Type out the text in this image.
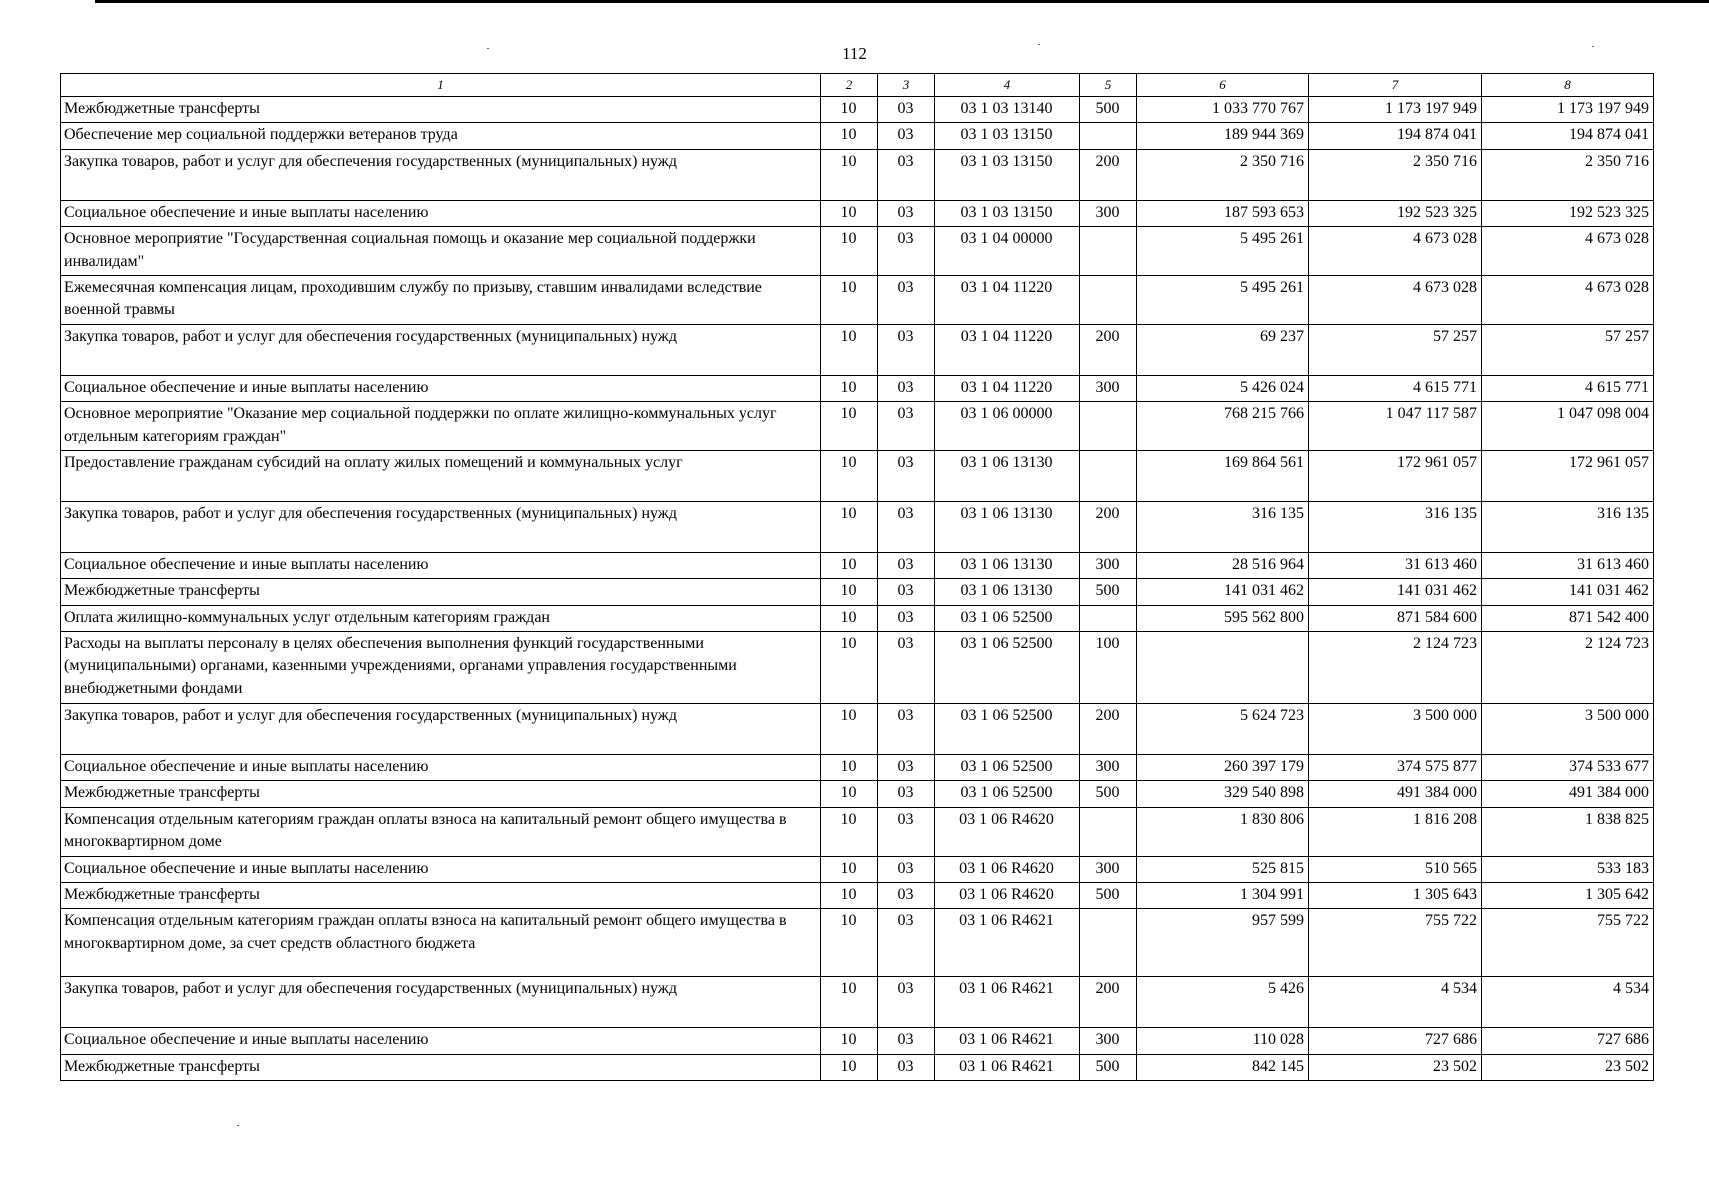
112
1	2	3	4	5	6	7	8
Межбюджетные трансферты	10	03	03 1 03 13140	500	1 033 770 767	1 173 197 949	1 173 197 949
Обеспечение мер социальной поддержки ветеранов труда	10	03	03 1 03 13150		189 944 369	194 874 041	194 874 041
Закупка товаров, работ и услуг для обеспечения государственных (муниципальных) нужд	10	03	03 1 03 13150	200	2 350 716	2 350 716	2 350 716
Социальное обеспечение и иные выплаты населению	10	03	03 1 03 13150	300	187 593 653	192 523 325	192 523 325
Основное мероприятие "Государственная социальная помощь и оказание мер социальной поддержки инвалидам"	10	03	03 1 04 00000		5 495 261	4 673 028	4 673 028
Ежемесячная компенсация лицам, проходившим службу по призыву, ставшим инвалидами вследствие военной травмы	10	03	03 1 04 11220		5 495 261	4 673 028	4 673 028
Закупка товаров, работ и услуг для обеспечения государственных (муниципальных) нужд	10	03	03 1 04 11220	200	69 237	57 257	57 257
Социальное обеспечение и иные выплаты населению	10	03	03 1 04 11220	300	5 426 024	4 615 771	4 615 771
Основное мероприятие "Оказание мер социальной поддержки по оплате жилищно-коммунальных услуг отдельным категориям граждан"	10	03	03 1 06 00000		768 215 766	1 047 117 587	1 047 098 004
Предоставление гражданам субсидий на оплату жилых помещений и коммунальных услуг	10	03	03 1 06 13130		169 864 561	172 961 057	172 961 057
Закупка товаров, работ и услуг для обеспечения государственных (муниципальных) нужд	10	03	03 1 06 13130	200	316 135	316 135	316 135
Социальное обеспечение и иные выплаты населению	10	03	03 1 06 13130	300	28 516 964	31 613 460	31 613 460
Межбюджетные трансферты	10	03	03 1 06 13130	500	141 031 462	141 031 462	141 031 462
Оплата жилищно-коммунальных услуг отдельным категориям граждан	10	03	03 1 06 52500		595 562 800	871 584 600	871 542 400
Расходы на выплаты персоналу в целях обеспечения выполнения функций государственными (муниципальными) органами, казенными учреждениями, органами управления государственными внебюджетными фондами	10	03	03 1 06 52500	100		2 124 723	2 124 723
Закупка товаров, работ и услуг для обеспечения государственных (муниципальных) нужд	10	03	03 1 06 52500	200	5 624 723	3 500 000	3 500 000
Социальное обеспечение и иные выплаты населению	10	03	03 1 06 52500	300	260 397 179	374 575 877	374 533 677
Межбюджетные трансферты	10	03	03 1 06 52500	500	329 540 898	491 384 000	491 384 000
Компенсация отдельным категориям граждан оплаты взноса на капитальный ремонт общего имущества в многоквартирном доме	10	03	03 1 06 R4620		1 830 806	1 816 208	1 838 825
Социальное обеспечение и иные выплаты населению	10	03	03 1 06 R4620	300	525 815	510 565	533 183
Межбюджетные трансферты	10	03	03 1 06 R4620	500	1 304 991	1 305 643	1 305 642
Компенсация отдельным категориям граждан оплаты взноса на капитальный ремонт общего имущества в многоквартирном доме, за счет средств областного бюджета	10	03	03 1 06 R4621		957 599	755 722	755 722
Закупка товаров, работ и услуг для обеспечения государственных (муниципальных) нужд	10	03	03 1 06 R4621	200	5 426	4 534	4 534
Социальное обеспечение и иные выплаты населению	10	03	03 1 06 R4621	300	110 028	727 686	727 686
Межбюджетные трансферты	10	03	03 1 06 R4621	500	842 145	23 502	23 502
